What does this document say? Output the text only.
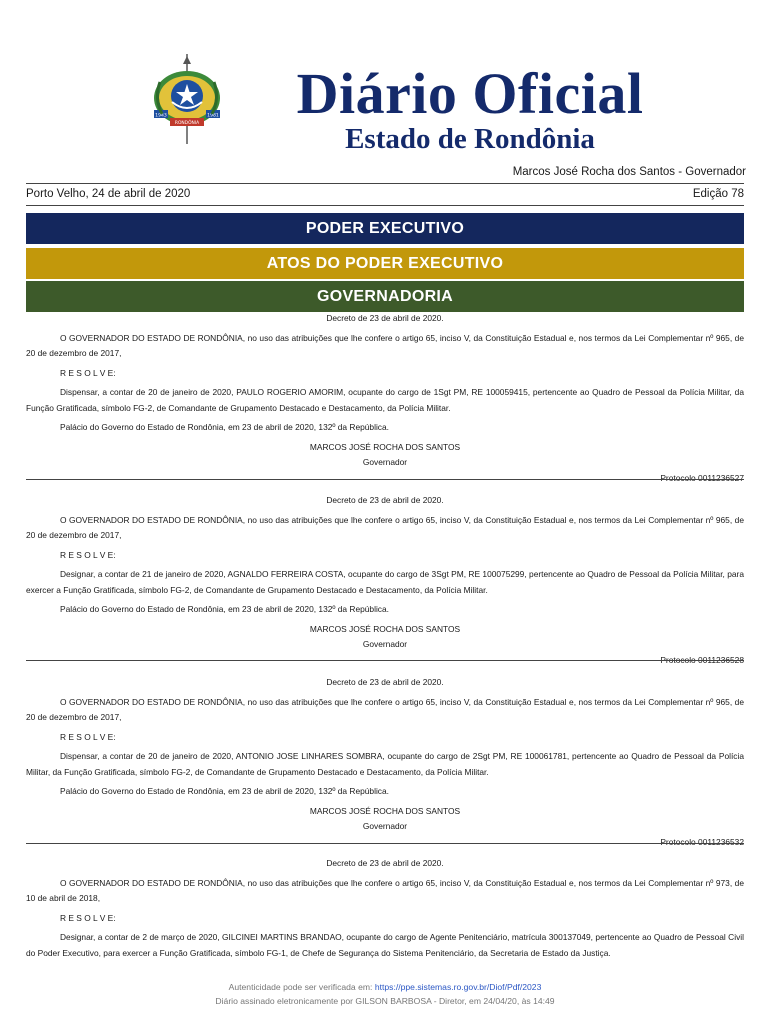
1943	1981
RONDÔNIA	Diário Oficial
Estado de Rondônia
Marcos José Rocha dos Santos - Governador
Porto Velho, 24 de abril de 2020	Edição 78
PODER EXECUTIVO
ATOS DO PODER EXECUTIVO
GOVERNADORIA

Decreto de 23 de abril de 2020.

O GOVERNADOR DO ESTADO DE RONDÔNIA, no uso das atribuições que lhe confere o artigo 65, inciso V, da Constituição Estadual e, nos termos da Lei Complementar nº 965, de 20 de dezembro de 2017,

R E S O L V E:

Dispensar, a contar de 20 de janeiro de 2020, PAULO ROGERIO AMORIM, ocupante do cargo de 1Sgt PM, RE 100059415, pertencente ao Quadro de Pessoal da Polícia Militar, da Função Gratificada, símbolo FG-2, de Comandante de Grupamento Destacado e Destacamento, da Polícia Militar.

Palácio do Governo do Estado de Rondônia, em 23 de abril de 2020, 132º da República.

MARCOS JOSÉ ROCHA DOS SANTOS

Governador

Protocolo 0011236527

Decreto de 23 de abril de 2020.

O GOVERNADOR DO ESTADO DE RONDÔNIA, no uso das atribuições que lhe confere o artigo 65, inciso V, da Constituição Estadual e, nos termos da Lei Complementar nº 965, de 20 de dezembro de 2017,

R E S O L V E:

Designar, a contar de 21 de janeiro de 2020, AGNALDO FERREIRA COSTA, ocupante do cargo de 3Sgt PM, RE 100075299, pertencente ao Quadro de Pessoal da Polícia Militar, para exercer a Função Gratificada, símbolo FG-2, de Comandante de Grupamento Destacado e Destacamento, da Polícia Militar.

Palácio do Governo do Estado de Rondônia, em 23 de abril de 2020, 132º da República.

MARCOS JOSÉ ROCHA DOS SANTOS

Governador

Protocolo 0011236528

Decreto de 23 de abril de 2020.

O GOVERNADOR DO ESTADO DE RONDÔNIA, no uso das atribuições que lhe confere o artigo 65, inciso V, da Constituição Estadual e, nos termos da Lei Complementar nº 965, de 20 de dezembro de 2017,

R E S O L V E:

Dispensar, a contar de 20 de janeiro de 2020, ANTONIO JOSE LINHARES SOMBRA, ocupante do cargo de 2Sgt PM, RE 100061781, pertencente ao Quadro de Pessoal da Polícia Militar, da Função Gratificada, símbolo FG-2, de Comandante de Grupamento Destacado e Destacamento, da Polícia Militar.

Palácio do Governo do Estado de Rondônia, em 23 de abril de 2020, 132º da República.

MARCOS JOSÉ ROCHA DOS SANTOS

Governador

Protocolo 0011236532

Decreto de 23 de abril de 2020.

O GOVERNADOR DO ESTADO DE RONDÔNIA, no uso das atribuições que lhe confere o artigo 65, inciso V, da Constituição Estadual e, nos termos da Lei Complementar nº 973, de 10 de abril de 2018,

R E S O L V E:

Designar, a contar de 2 de março de 2020, GILCINEI MARTINS BRANDAO, ocupante do cargo de Agente Penitenciário, matrícula 300137049, pertencente ao Quadro de Pessoal Civil do Poder Executivo, para exercer a Função Gratificada, símbolo FG-1, de Chefe de Segurança do Sistema Penitenciário, da Secretaria de Estado da Justiça.

Autenticidade pode ser verificada em: https://ppe.sistemas.ro.gov.br/Diof/Pdf/2023
Diário assinado eletronicamente por GILSON BARBOSA - Diretor, em 24/04/20, às 14:49
